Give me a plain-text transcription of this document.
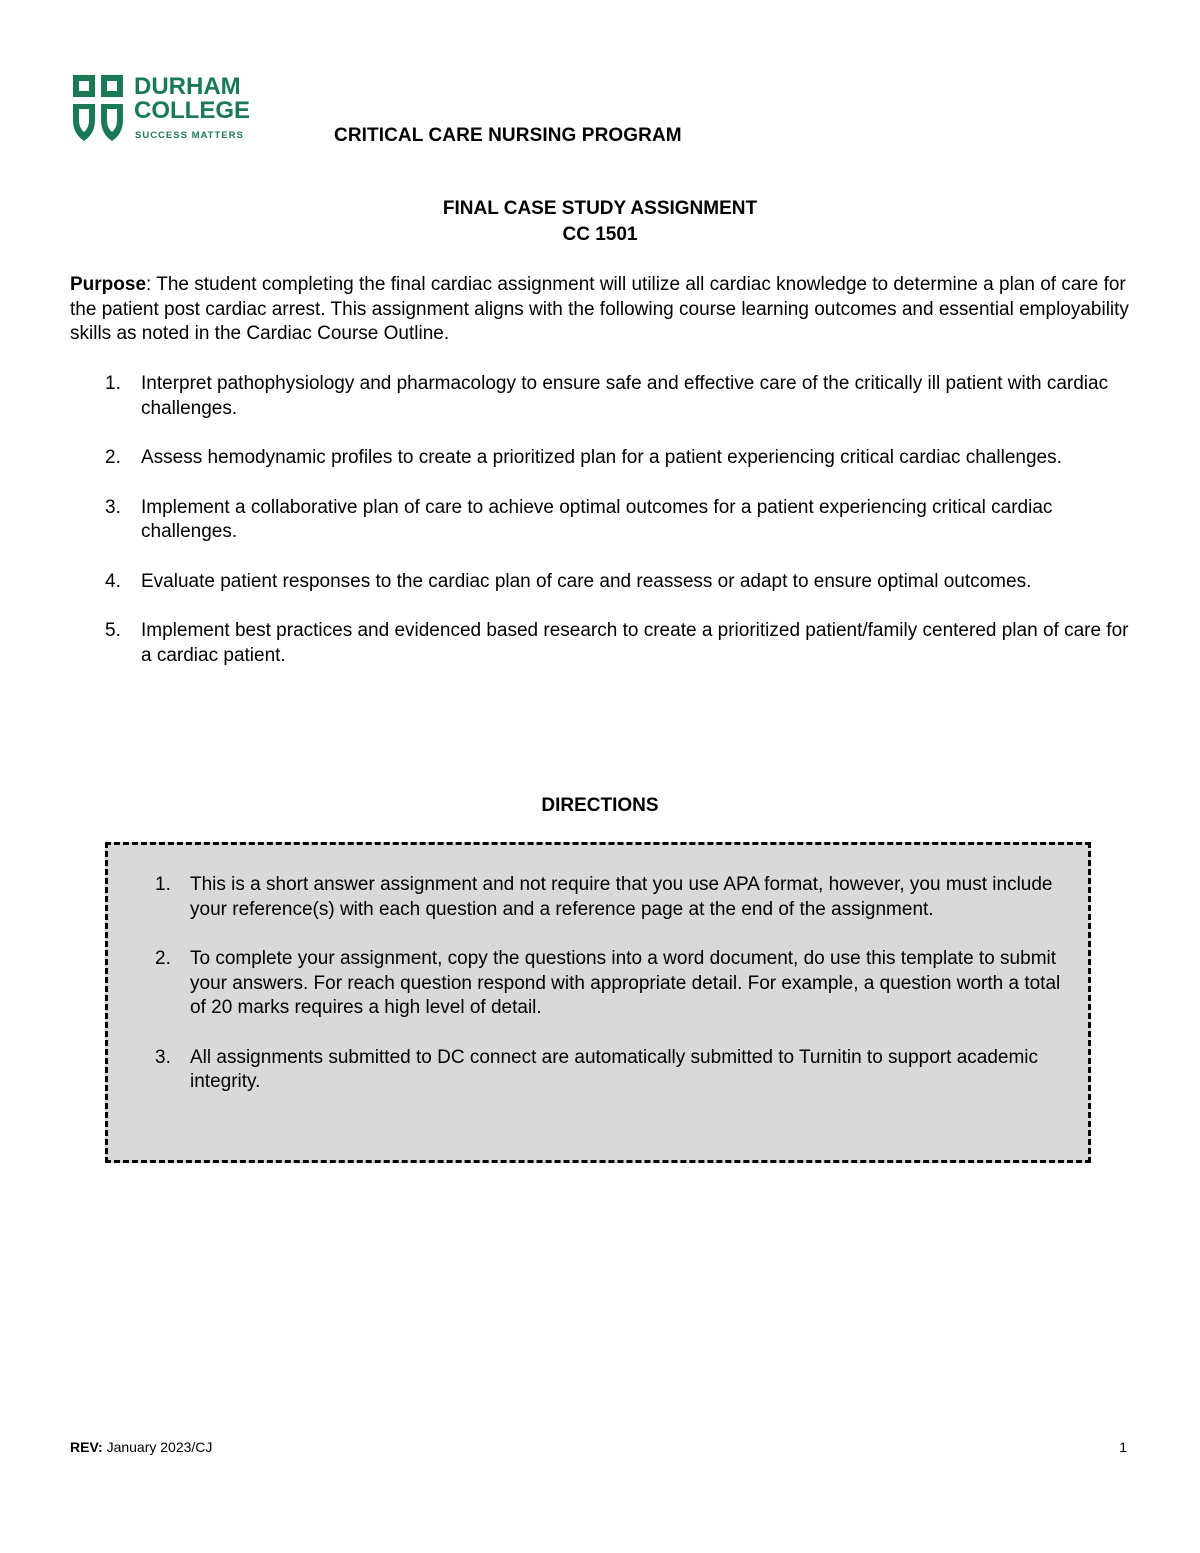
DURHAM
COLLEGE
SUCCESS MATTERS	CRITICAL CARE NURSING PROGRAM
FINAL CASE STUDY ASSIGNMENT
CC 1501
Purpose: The student completing the final cardiac assignment will utilize all cardiac knowledge to determine a plan of care for the patient post cardiac arrest. This assignment aligns with the following course learning outcomes and essential employability skills as noted in the Cardiac Course Outline.
1. Interpret pathophysiology and pharmacology to ensure safe and effective care of the critically ill patient with cardiac challenges.
2. Assess hemodynamic profiles to create a prioritized plan for a patient experiencing critical cardiac challenges.
3. Implement a collaborative plan of care to achieve optimal outcomes for a patient experiencing critical cardiac challenges.
4. Evaluate patient responses to the cardiac plan of care and reassess or adapt to ensure optimal outcomes.
5. Implement best practices and evidenced based research to create a prioritized patient/family centered plan of care for a cardiac patient.
DIRECTIONS
1. This is a short answer assignment and not require that you use APA format, however, you must include your reference(s) with each question and a reference page at the end of the assignment.
2. To complete your assignment, copy the questions into a word document, do use this template to submit your answers. For reach question respond with appropriate detail. For example, a question worth a total of 20 marks requires a high level of detail.
3. All assignments submitted to DC connect are automatically submitted to Turnitin to support academic integrity.
REV: January 2023/CJ	1
